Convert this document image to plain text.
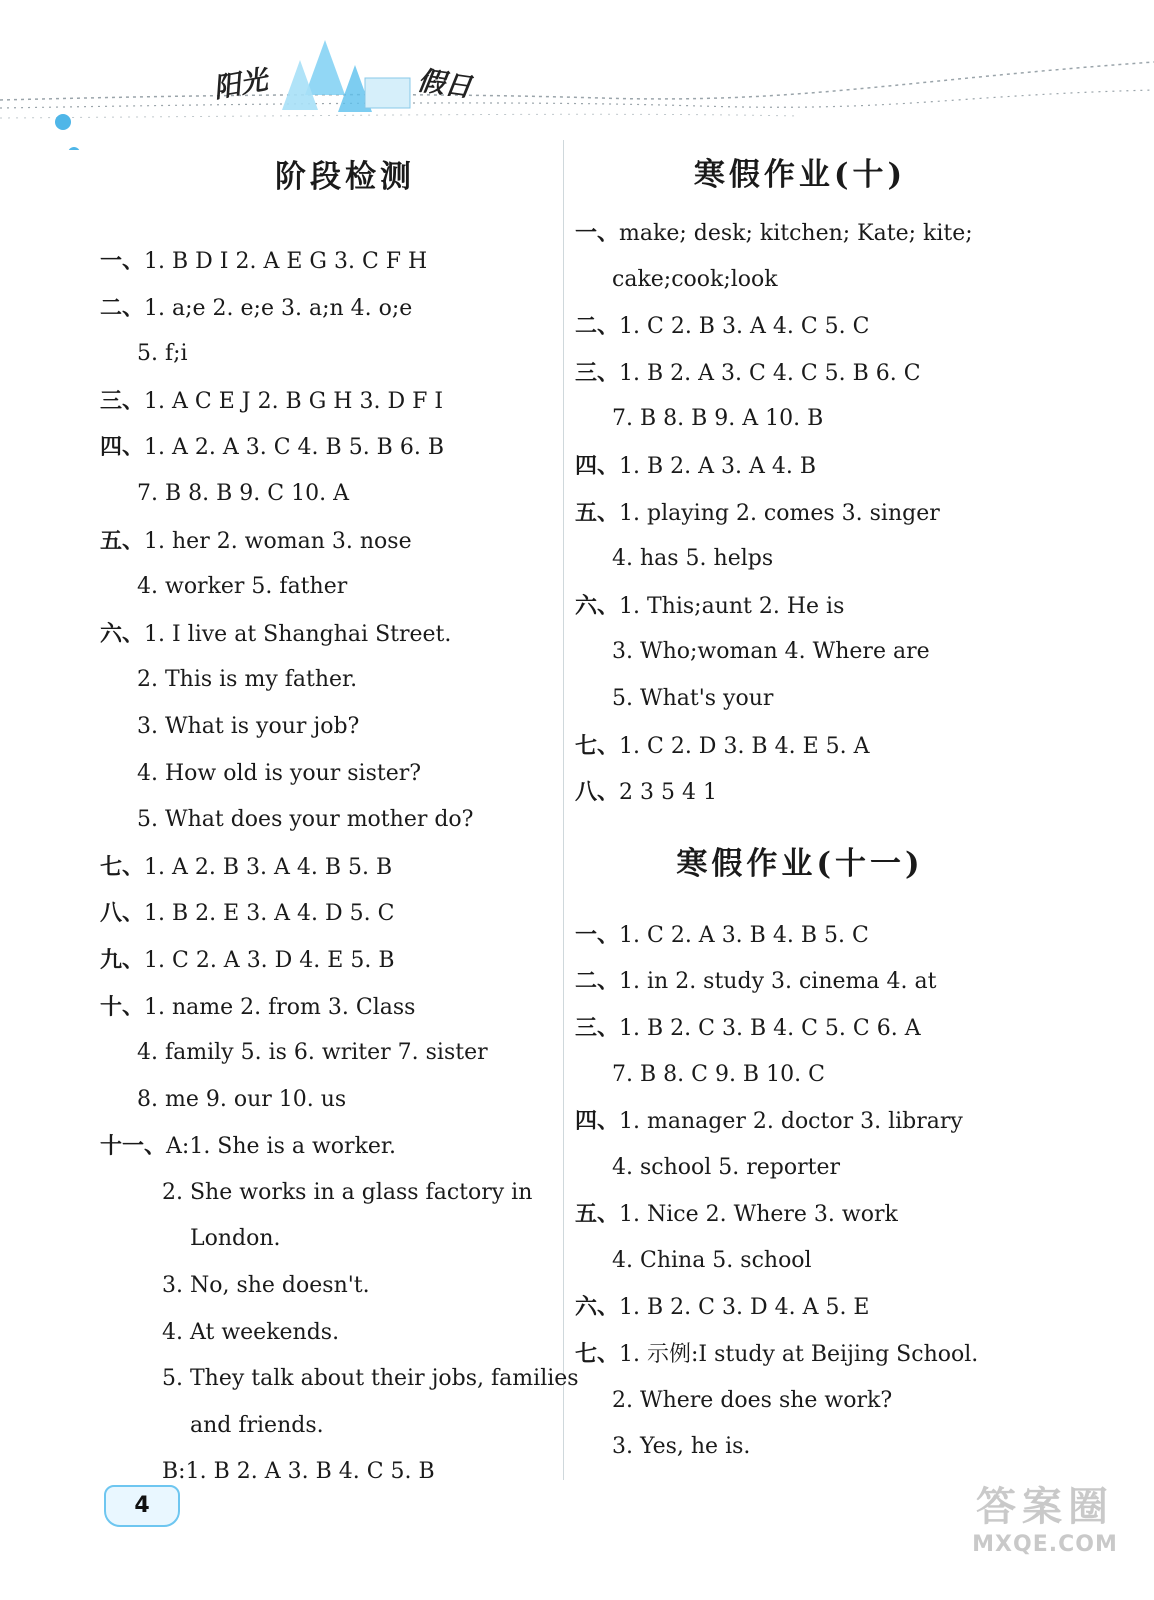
阳光	假日
阶段检测
一、1. B D I 2. A E G 3. C F H
二、1. a;e 2. e;e 3. a;n 4. o;e
5. f;i
三、1. A C E J 2. B G H 3. D F I
四、1. A 2. A 3. C 4. B 5. B 6. B
7. B 8. B 9. C 10. A
五、1. her 2. woman 3. nose
4. worker 5. father
六、1. I live at Shanghai Street.
2. This is my father.
3. What is your job?
4. How old is your sister?
5. What does your mother do?
七、1. A 2. B 3. A 4. B 5. B
八、1. B 2. E 3. A 4. D 5. C
九、1. C 2. A 3. D 4. E 5. B
十、1. name 2. from 3. Class
4. family 5. is 6. writer 7. sister
8. me 9. our 10. us
十一、A:1. She is a worker.
2. She works in a glass factory in
London.
3. No, she doesn't.
4. At weekends.
5. They talk about their jobs, families
and friends.
B:1. B 2. A 3. B 4. C 5. B
寒假作业(十)
一、make; desk; kitchen; Kate; kite;
cake;cook;look
二、1. C 2. B 3. A 4. C 5. C
三、1. B 2. A 3. C 4. C 5. B 6. C
7. B 8. B 9. A 10. B
四、1. B 2. A 3. A 4. B
五、1. playing 2. comes 3. singer
4. has 5. helps
六、1. This;aunt 2. He is
3. Who;woman 4. Where are
5. What's your
七、1. C 2. D 3. B 4. E 5. A
八、2 3 5 4 1
寒假作业(十一)
一、1. C 2. A 3. B 4. B 5. C
二、1. in 2. study 3. cinema 4. at
三、1. B 2. C 3. B 4. C 5. C 6. A
7. B 8. C 9. B 10. C
四、1. manager 2. doctor 3. library
4. school 5. reporter
五、1. Nice 2. Where 3. work
4. China 5. school
六、1. B 2. C 3. D 4. A 5. E
七、1. 示例:I study at Beijing School.
2. Where does she work?
3. Yes, he is.
4	答案圈
MXQE.COM
